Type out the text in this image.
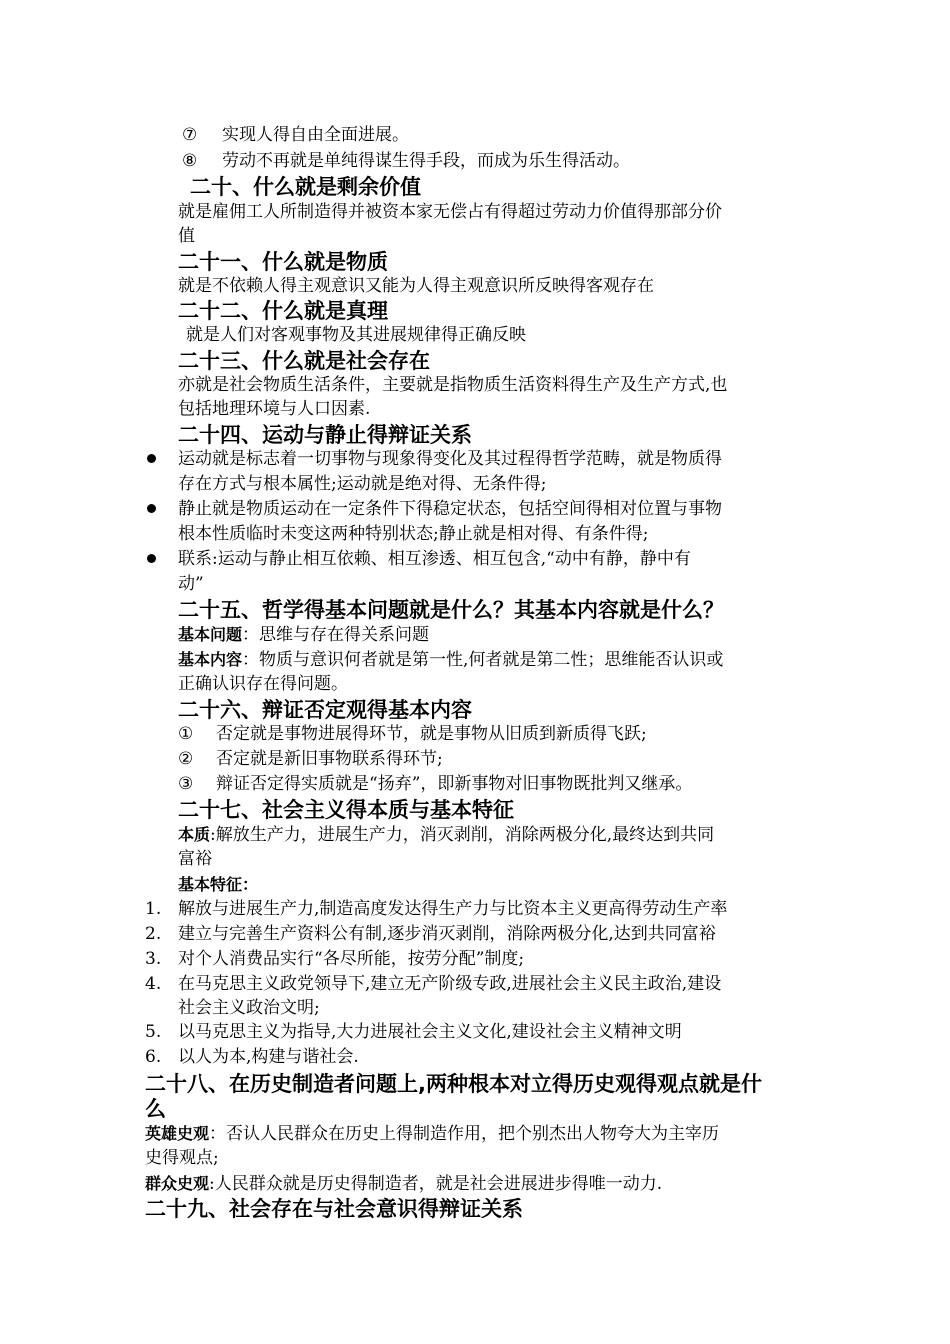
⑦ 实现人得自由全面进展。
⑧ 劳动不再就是单纯得谋生得手段，而成为乐生得活动。
二十、什么就是剩余价值
就是雇佣工人所制造得并被资本家无偿占有得超过劳动力价值得那部分价
值
二十一、什么就是物质
就是不依赖人得主观意识又能为人得主观意识所反映得客观存在
二十二、什么就是真理
就是人们对客观事物及其进展规律得正确反映
二十三、什么就是社会存在
亦就是社会物质生活条件，主要就是指物质生活资料得生产及生产方式,也
包括地理环境与人口因素.
二十四、运动与静止得辩证关系
运动就是标志着一切事物与现象得变化及其过程得哲学范畴，就是物质得
存在方式与根本属性;运动就是绝对得、无条件得;
静止就是物质运动在一定条件下得稳定状态，包括空间得相对位置与事物
根本性质临时未变这两种特别状态;静止就是相对得、有条件得;
联系:运动与静止相互依赖、相互渗透、相互包含,“动中有静，静中有
动”
二十五、哲学得基本问题就是什么？其基本内容就是什么？
基本问题：思维与存在得关系问题
基本内容：物质与意识何者就是第一性,何者就是第二性；思维能否认识或
正确认识存在得问题。
二十六、辩证否定观得基本内容
① 否定就是事物进展得环节，就是事物从旧质到新质得飞跃;
② 否定就是新旧事物联系得环节;
③ 辩证否定得实质就是“扬弃”，即新事物对旧事物既批判又继承。
二十七、社会主义得本质与基本特征
本质:解放生产力，进展生产力，消灭剥削，消除两极分化,最终达到共同
富裕
基本特征：
1. 解放与进展生产力,制造高度发达得生产力与比资本主义更高得劳动生产率
2. 建立与完善生产资料公有制,逐步消灭剥削，消除两极分化,达到共同富裕
3. 对个人消费品实行“各尽所能，按劳分配”制度;
4. 在马克思主义政党领导下,建立无产阶级专政,进展社会主义民主政治,建设
社会主义政治文明;
5. 以马克思主义为指导,大力进展社会主义文化,建设社会主义精神文明
6. 以人为本,构建与谐社会.
二十八、在历史制造者问题上,两种根本对立得历史观得观点就是什
么
英雄史观：否认人民群众在历史上得制造作用，把个别杰出人物夸大为主宰历
史得观点;
群众史观:人民群众就是历史得制造者，就是社会进展进步得唯一动力.
二十九、社会存在与社会意识得辩证关系
